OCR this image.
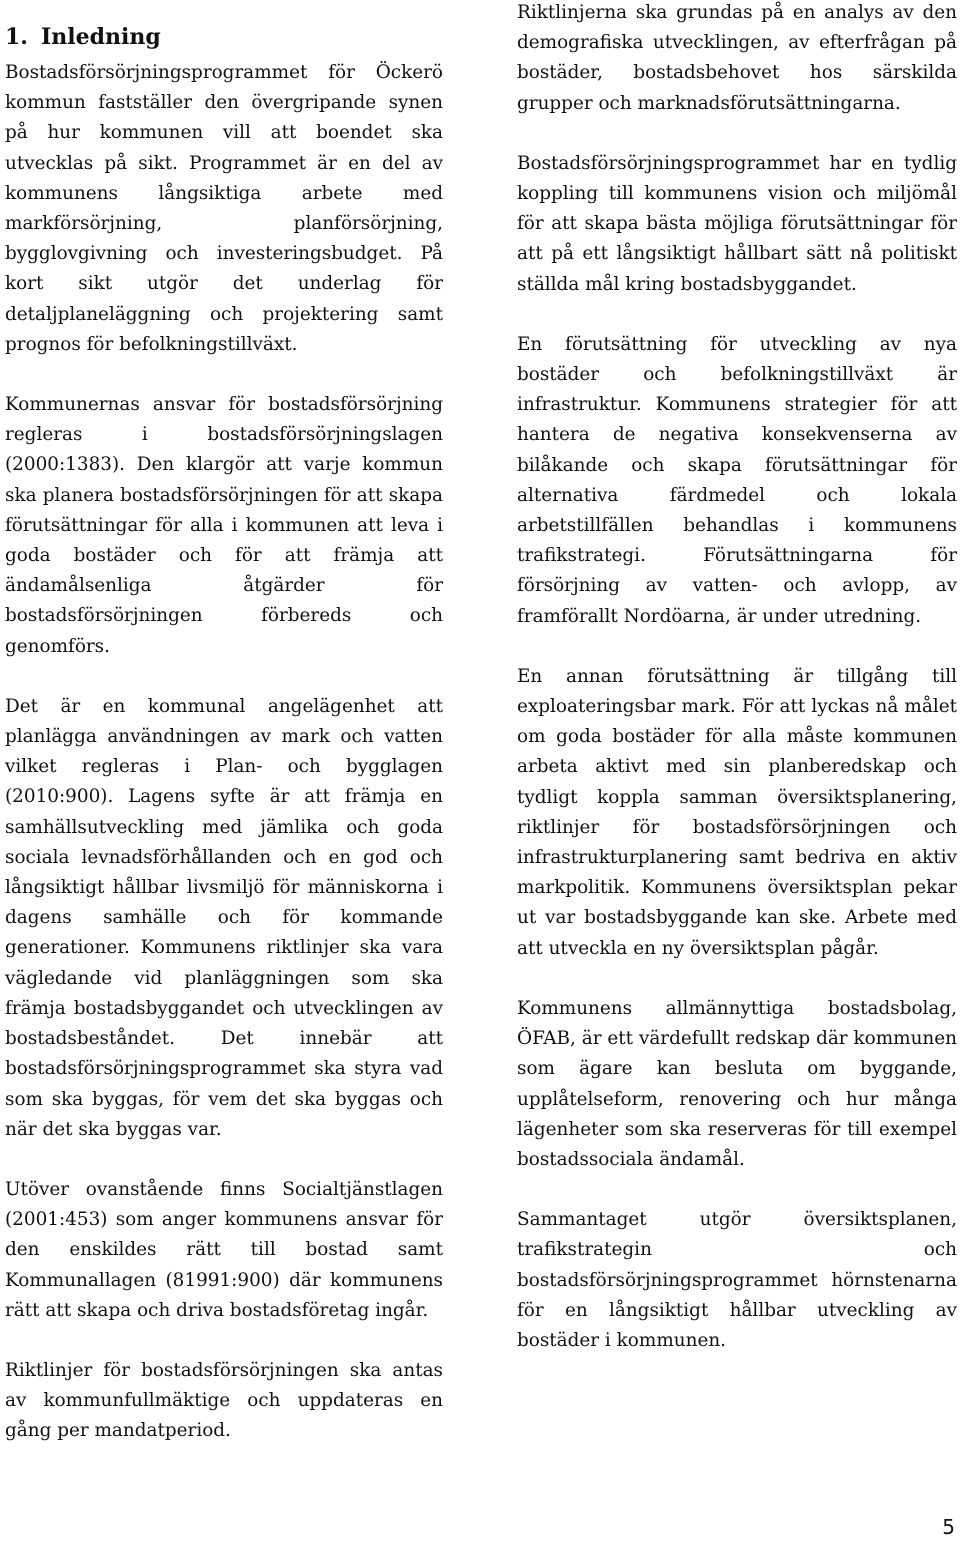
1. Inledning

Bostadsförsörjningsprogrammet för Öckerö kommun fastställer den övergripande synen på hur kommunen vill att boendet ska utvecklas på sikt. Programmet är en del av kommunens långsiktiga arbete med markförsörjning, planförsörjning, bygglovgivning och investeringsbudget. På kort sikt utgör det underlag för detaljplaneläggning och projektering samt prognos för befolkningstillväxt.

Kommunernas ansvar för bostadsförsörjning regleras i bostadsförsörjningslagen (2000:1383). Den klargör att varje kommun ska planera bostadsförsörjningen för att skapa förutsättningar för alla i kommunen att leva i goda bostäder och för att främja att ändamålsenliga åtgärder för bostadsförsörjningen förbereds och genomförs.

Det är en kommunal angelägenhet att planlägga användningen av mark och vatten vilket regleras i Plan- och bygglagen (2010:900). Lagens syfte är att främja en samhällsutveckling med jämlika och goda sociala levnadsförhållanden och en god och långsiktigt hållbar livsmiljö för människorna i dagens samhälle och för kommande generationer. Kommunens riktlinjer ska vara vägledande vid planläggningen som ska främja bostadsbyggandet och utvecklingen av bostadsbeståndet. Det innebär att bostadsförsörjningsprogrammet ska styra vad som ska byggas, för vem det ska byggas och när det ska byggas var.

Utöver ovanstående finns Socialtjänstlagen (2001:453) som anger kommunens ansvar för den enskildes rätt till bostad samt Kommunallagen (81991:900) där kommunens rätt att skapa och driva bostadsföretag ingår.

Riktlinjer för bostadsförsörjningen ska antas av kommunfullmäktige och uppdateras en gång per mandatperiod.

Riktlinjerna ska grundas på en analys av den demografiska utvecklingen, av efterfrågan på bostäder, bostadsbehovet hos särskilda grupper och marknadsförutsättningarna.

Bostadsförsörjningsprogrammet har en tydlig koppling till kommunens vision och miljömål för att skapa bästa möjliga förutsättningar för att på ett långsiktigt hållbart sätt nå politiskt ställda mål kring bostadsbyggandet.

En förutsättning för utveckling av nya bostäder och befolkningstillväxt är infrastruktur. Kommunens strategier för att hantera de negativa konsekvenserna av bilåkande och skapa förutsättningar för alternativa färdmedel och lokala arbetstillfällen behandlas i kommunens trafikstrategi. Förutsättningarna för försörjning av vatten- och avlopp, av framförallt Nordöarna, är under utredning.

En annan förutsättning är tillgång till exploateringsbar mark. För att lyckas nå målet om goda bostäder för alla måste kommunen arbeta aktivt med sin planberedskap och tydligt koppla samman översiktsplanering, riktlinjer för bostadsförsörjningen och infrastrukturplanering samt bedriva en aktiv markpolitik. Kommunens översiktsplan pekar ut var bostadsbyggande kan ske. Arbete med att utveckla en ny översiktsplan pågår.

Kommunens allmännyttiga bostadsbolag, ÖFAB, är ett värdefullt redskap där kommunen som ägare kan besluta om byggande, upplåtelseform, renovering och hur många lägenheter som ska reserveras för till exempel bostadssociala ändamål.

Sammantaget utgör översiktsplanen, trafikstrategin och bostadsförsörjningsprogrammet hörnstenarna för en långsiktigt hållbar utveckling av bostäder i kommunen.

5
